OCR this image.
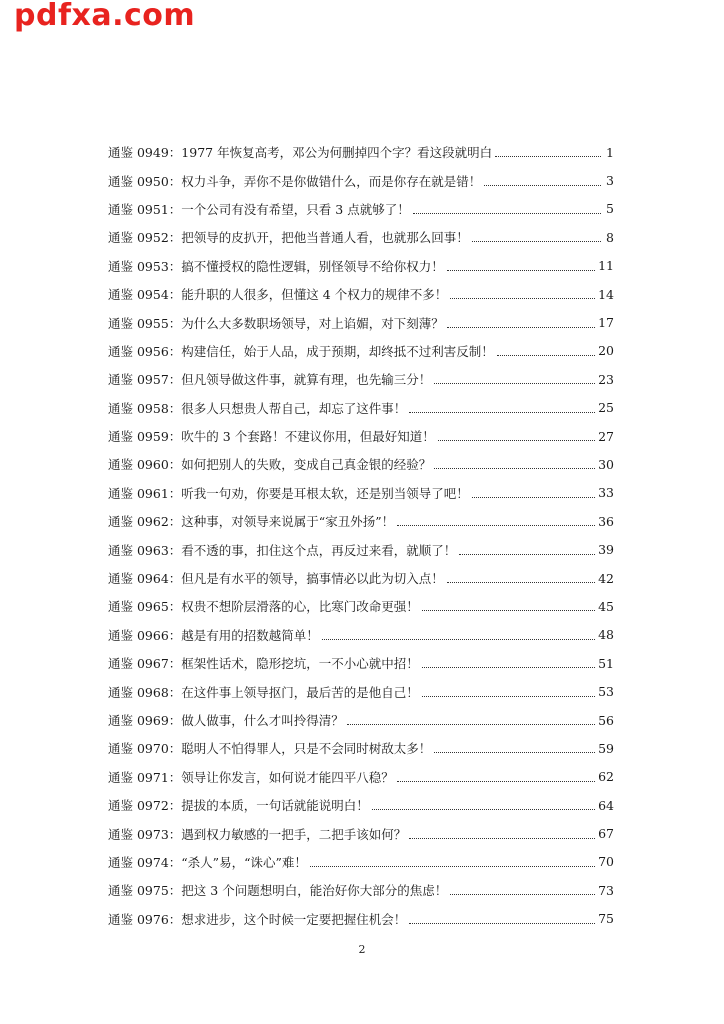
pdfxa.com
通鉴 0949： 1977 年恢复高考，邓公为何删掉四个字？看这段就明白	1
通鉴 0950： 权力斗争，弄你不是你做错什么，而是你存在就是错！	3
通鉴 0951： 一个公司有没有希望，只看 3 点就够了！	5
通鉴 0952： 把领导的皮扒开，把他当普通人看，也就那么回事！	8
通鉴 0953： 搞不懂授权的隐性逻辑，别怪领导不给你权力！	11
通鉴 0954： 能升职的人很多，但懂这 4 个权力的规律不多！	14
通鉴 0955： 为什么大多数职场领导，对上谄媚，对下刻薄？	17
通鉴 0956： 构建信任，始于人品，成于预期，却终抵不过利害反制！	20
通鉴 0957： 但凡领导做这件事，就算有理，也先输三分！	23
通鉴 0958： 很多人只想贵人帮自己，却忘了这件事！	25
通鉴 0959： 吹牛的 3 个套路！不建议你用，但最好知道！	27
通鉴 0960： 如何把别人的失败，变成自己真金银的经验？	30
通鉴 0961： 听我一句劝，你要是耳根太软，还是别当领导了吧！	33
通鉴 0962： 这种事，对领导来说属于“家丑外扬”！	36
通鉴 0963： 看不透的事，扣住这个点，再反过来看，就顺了！	39
通鉴 0964： 但凡是有水平的领导，搞事情必以此为切入点！	42
通鉴 0965： 权贵不想阶层滑落的心，比寒门改命更强！	45
通鉴 0966： 越是有用的招数越简单！	48
通鉴 0967： 框架性话术，隐形挖坑，一不小心就中招！	51
通鉴 0968： 在这件事上领导抠门，最后苦的是他自己！	53
通鉴 0969： 做人做事，什么才叫拎得清？	56
通鉴 0970： 聪明人不怕得罪人，只是不会同时树敌太多！	59
通鉴 0971： 领导让你发言，如何说才能四平八稳？	62
通鉴 0972： 提拔的本质，一句话就能说明白！	64
通鉴 0973： 遇到权力敏感的一把手，二把手该如何？	67
通鉴 0974： “杀人”易，“诛心”难！	70
通鉴 0975： 把这 3 个问题想明白，能治好你大部分的焦虑！	73
通鉴 0976： 想求进步，这个时候一定要把握住机会！	75
2
